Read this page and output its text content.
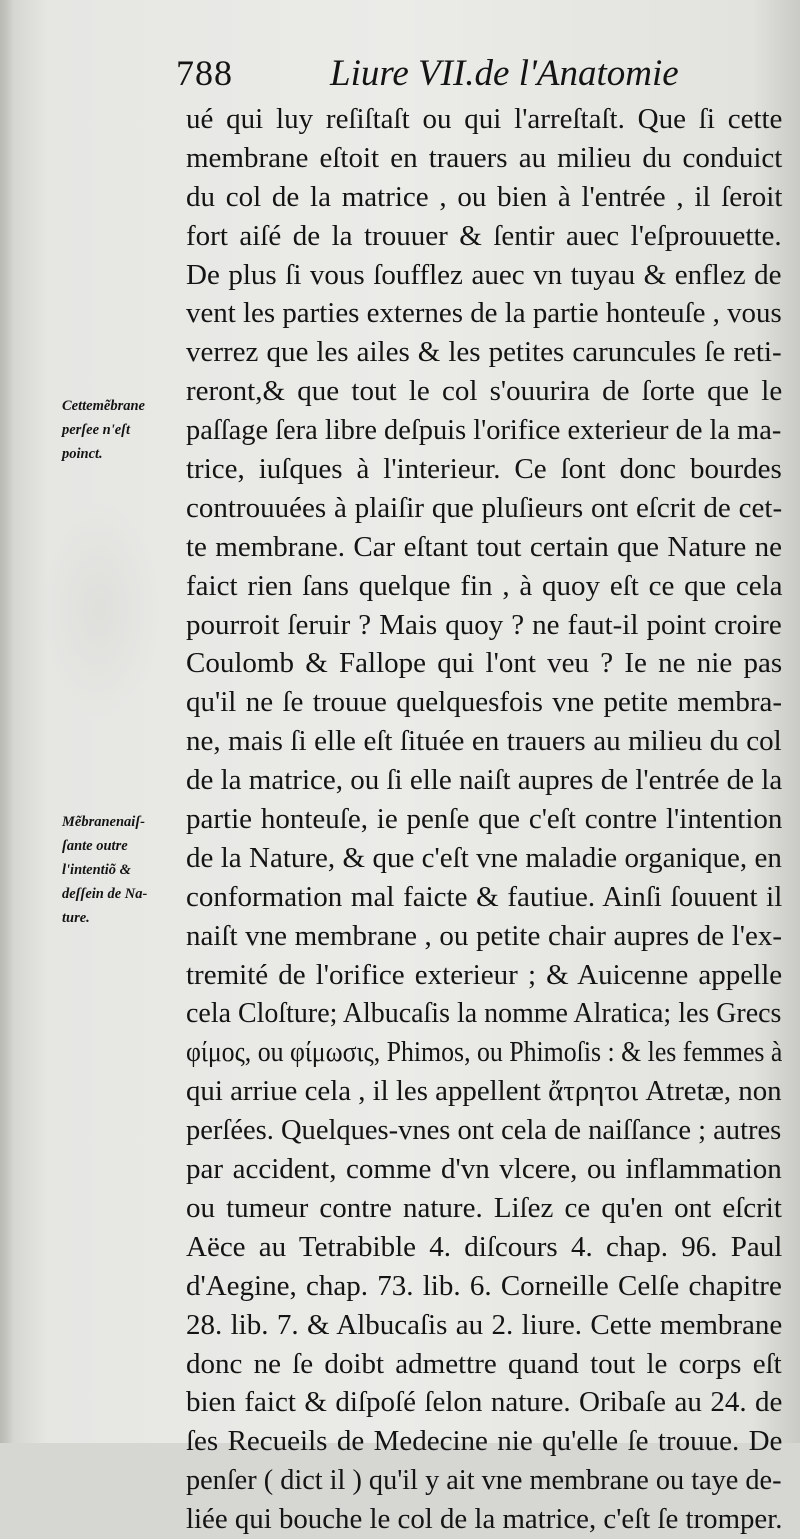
788	Liure VII.de l'Anatomie
Cettemẽbrane
perſee n'eſt
poinct.
Mẽbranenaiſ-
ſante outre
l'intentiõ &
deſſein de Na-
ture.
ué qui luy reſiſtaſt ou qui l'arreſtaſt. Que ſi cette
membrane eſtoit en trauers au milieu du conduict
du col de la matrice , ou bien à l'entrée , il ſeroit
fort aiſé de la trouuer & ſentir auec l'eſprouuette.
De plus ſi vous ſoufflez auec vn tuyau & enflez de
vent les parties externes de la partie honteuſe , vous
verrez que les ailes & les petites caruncules ſe reti-
reront,& que tout le col s'ouurira de ſorte que le
paſſage ſera libre deſpuis l'orifice exterieur de la ma-
trice, iuſques à l'interieur. Ce ſont donc bourdes
controuuées à plaiſir que pluſieurs ont eſcrit de cet-
te membrane. Car eſtant tout certain que Nature ne
faict rien ſans quelque fin , à quoy eſt ce que cela
pourroit ſeruir ? Mais quoy ? ne faut-il point croire
Coulomb & Fallope qui l'ont veu ? Ie ne nie pas
qu'il ne ſe trouue quelquesfois vne petite membra-
ne, mais ſi elle eſt ſituée en trauers au milieu du col
de la matrice, ou ſi elle naiſt aupres de l'entrée de la
partie honteuſe, ie penſe que c'eſt contre l'intention
de la Nature, & que c'eſt vne maladie organique, en
conformation mal faicte & fautiue. Ainſi ſouuent il
naiſt vne membrane , ou petite chair aupres de l'ex-
tremité de l'orifice exterieur ; & Auicenne appelle
cela Cloſture; Albucaſis la nomme Alratica; les Grecs
φίμος, ou φίμωσις, Phimos, ou Phimoſis : & les femmes à
qui arriue cela , il les appellent ἄτρητοι Atretæ, non
perſées. Quelques-vnes ont cela de naiſſance ; autres
par accident, comme d'vn vlcere, ou inflammation
ou tumeur contre nature. Liſez ce qu'en ont eſcrit
Aëce au Tetrabible 4. diſcours 4. chap. 96. Paul
d'Aegine, chap. 73. lib. 6. Corneille Celſe chapitre
28. lib. 7. & Albucaſis au 2. liure. Cette membrane
donc ne ſe doibt admettre quand tout le corps eſt
bien faict & diſpoſé ſelon nature. Oribaſe au 24. de
ſes Recueils de Medecine nie qu'elle ſe trouue. De
penſer ( dict il ) qu'il y ait vne membrane ou taye de-
liée qui bouche le col de la matrice, c'eſt ſe tromper.
